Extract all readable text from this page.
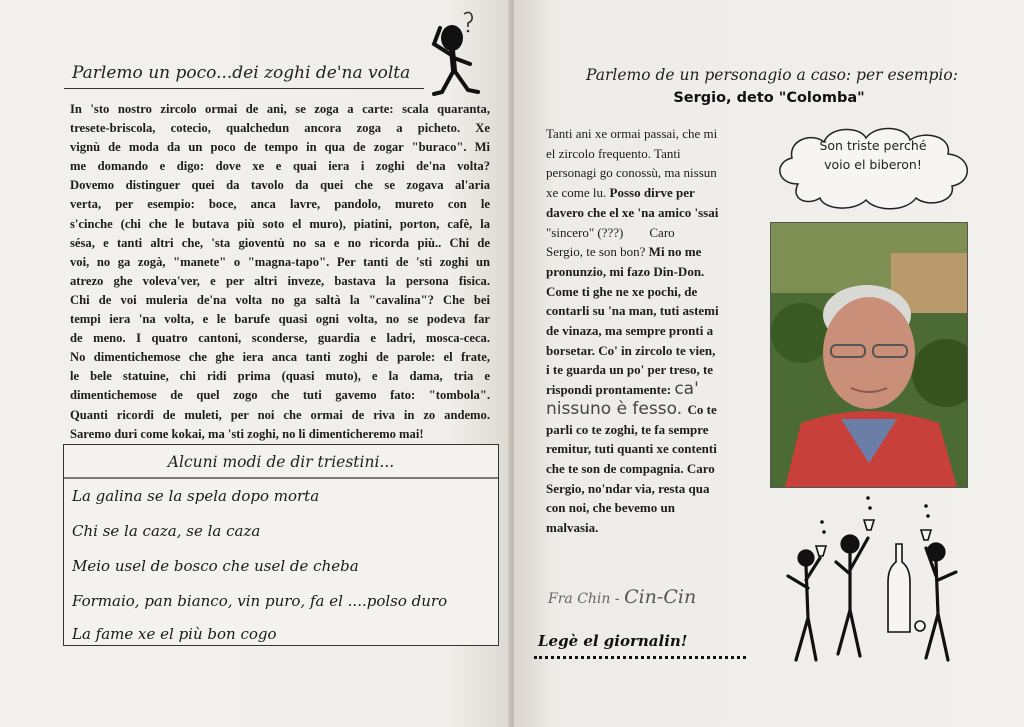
Parlemo un poco...dei zoghi de'na volta
In 'sto nostro zircolo ormai de ani, se zoga a carte: scala quaranta,
tresete-briscola, cotecio, qualchedun ancora zoga a picheto. Xe
vignù de moda da un poco de tempo in qua de zogar "buraco". Mi
me domando e digo: dove xe e quai iera i zoghi de'na volta?
Dovemo distinguer quei da tavolo da quei che se zogava al'aria
verta, per esempio: boce, anca lavre, pandolo, mureto con le
s'cinche (chi che le butava più soto el muro), piatini, porton, cafè, la
sésa, e tanti altri che, 'sta gioventù no sa e no ricorda più.. Chi de
voi, no ga zogà, "manete" o "magna-tapo". Per tanti de 'sti zoghi un
atrezo ghe voleva'ver, e per altri inveze, bastava la persona fisica.
Chi de voi muleria de'na volta no ga saltà la "cavalina"? Che bei
tempi iera 'na volta, e le barufe quasi ogni volta, no se podeva far
de meno. I quatro cantoni, sconderse, guardia e ladri, mosca-ceca.
No dimentichemose che ghe iera anca tanti zoghi de parole: el frate,
le bele statuine, chi ridi prima (quasi muto), e la dama, tria e
dimentichemose de quel zogo che tuti gavemo fato: "tombola".
Quanti ricordi de muleti, per noi che ormai de riva in zo andemo.
Saremo duri come kokai, ma 'sti zoghi, no li dimenticheremo mai!
Alcuni modi de dir triestini...
La galina se la spela dopo morta
Chi se la caza, se la caza
Meio usel de bosco che usel de cheba
Formaio, pan bianco, vin puro, fa el ....polso duro
La fame xe el più bon cogo
Parlemo de un personagio a caso: per esempio:
Sergio, deto "Colomba"
Son triste perché
voio el biberon!
Tanti ani xe ormai passai, che mi
el zircolo frequento. Tanti
personagi go conossù, ma nissun
xe come lu. Posso dirve per
davero che el xe 'na amico 'ssai
"sincero" (???)        Caro
Sergio, te son bon? Mi no me
pronunzio, mi fazo Din-Don.
Come ti ghe ne xe pochi, de
contarli su 'na man, tuti astemi
de vinaza, ma sempre pronti a
borsetar. Co' in zircolo te vien,
i te guarda un po' per treso, te
rispondi prontamente: ca'
nissuno è fesso. Co te
parli co te zoghi, te fa sempre
remitur, tuti quanti xe contenti
che te son de compagnia. Caro
Sergio, no'ndar via, resta qua
con noi, che bevemo un
malvasia.
Fra Chin - Cin-Cin
Legè el giornalin!
